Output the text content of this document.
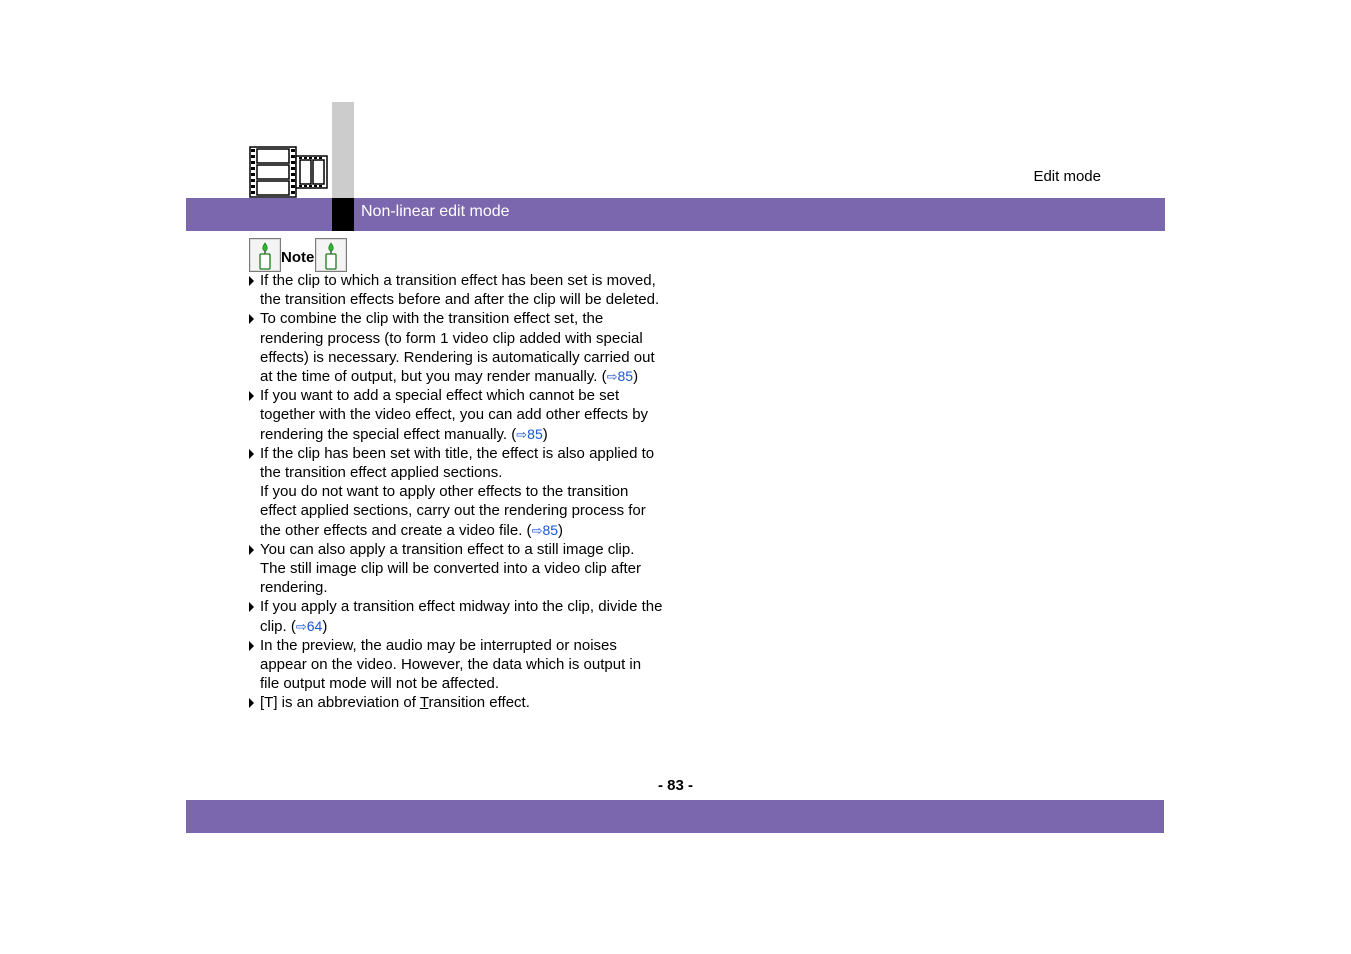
Edit mode
Non-linear edit mode
Note
If the clip to which a transition effect has been set is moved, the transition effects before and after the clip will be deleted.
To combine the clip with the transition effect set, the rendering process (to form 1 video clip added with special effects) is necessary. Rendering is automatically carried out at the time of output, but you may render manually. (⇨85)
If you want to add a special effect which cannot be set together with the video effect, you can add other effects by rendering the special effect manually. (⇨85)
If the clip has been set with title, the effect is also applied to the transition effect applied sections.
If you do not want to apply other effects to the transition effect applied sections, carry out the rendering process for the other effects and create a video file. (⇨85)
You can also apply a transition effect to a still image clip. The still image clip will be converted into a video clip after rendering.
If you apply a transition effect midway into the clip, divide the clip. (⇨64)
In the preview, the audio may be interrupted or noises appear on the video. However, the data which is output in file output mode will not be affected.
[T] is an abbreviation of Transition effect.
- 83 -
